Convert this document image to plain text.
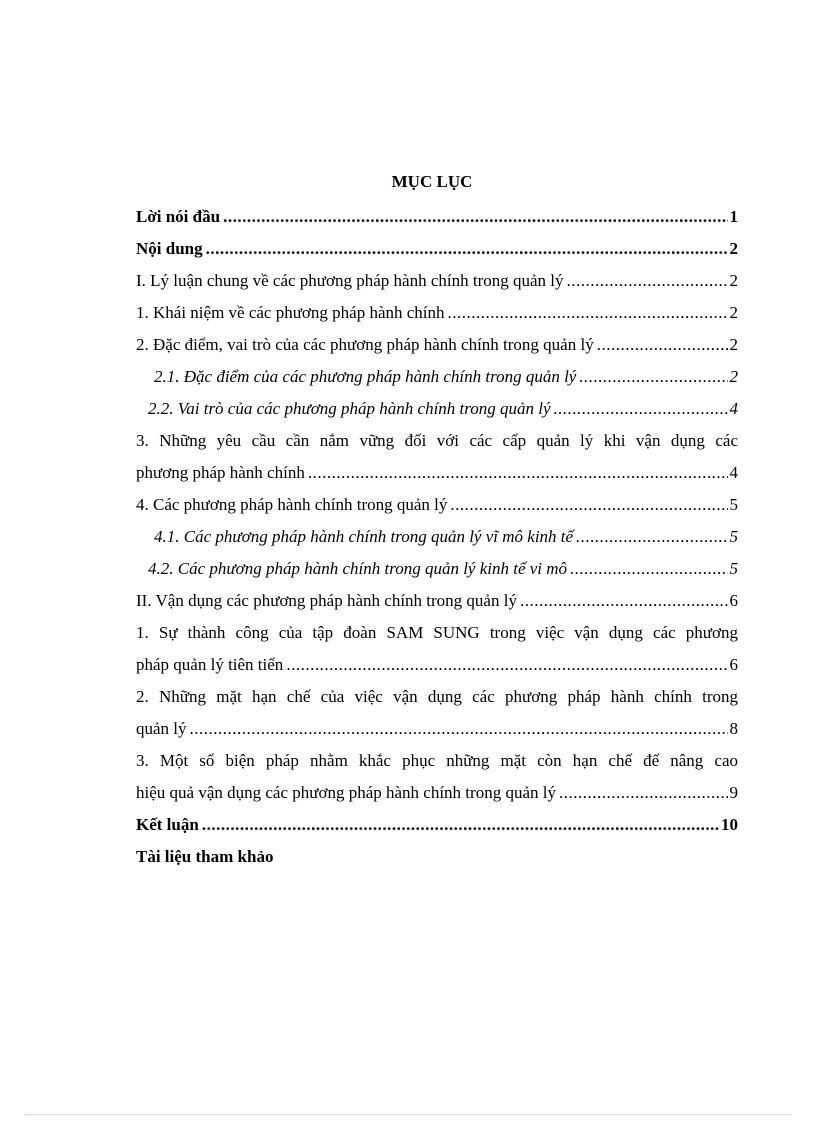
MỤC LỤC
Lời nói đầu .....	1
Nội dung .....	2
I. Lý luận chung về các phương pháp hành chính trong quản lý .....	2
1. Khái niệm về các phương pháp hành chính .....	2
2. Đặc điểm, vai trò của các phương pháp hành chính trong quản lý .....	2
2.1. Đặc điểm của các phương pháp hành chính trong quản lý .....	2
2.2. Vai trò của các phương pháp hành chính trong quản lý .....	4
3. Những yêu cầu cần nắm vững đối với các cấp quản lý khi vận dụng các
phương pháp hành chính .....	4
4. Các phương pháp hành chính trong quản lý .....	5
4.1. Các phương pháp hành chính trong quản lý vĩ mô kinh tế .....	5
4.2. Các phương pháp hành chính trong quản lý kinh tế vi mô .....	5
II. Vận dụng các phương pháp hành chính trong quản lý .....	6
1. Sự thành công của tập đoàn SAM SUNG trong việc vận dụng các phương
pháp quản lý tiên tiến .....	6
2. Những mặt hạn chế của việc vận dụng các phương pháp hành chính trong
quản lý .....	8
3. Một số biện pháp nhằm khắc phục những mặt còn hạn chế để nâng cao
hiệu quả vận dụng các phương pháp hành chính trong quản lý .....	9
Kết luận .....	10
Tài liệu tham khảo
